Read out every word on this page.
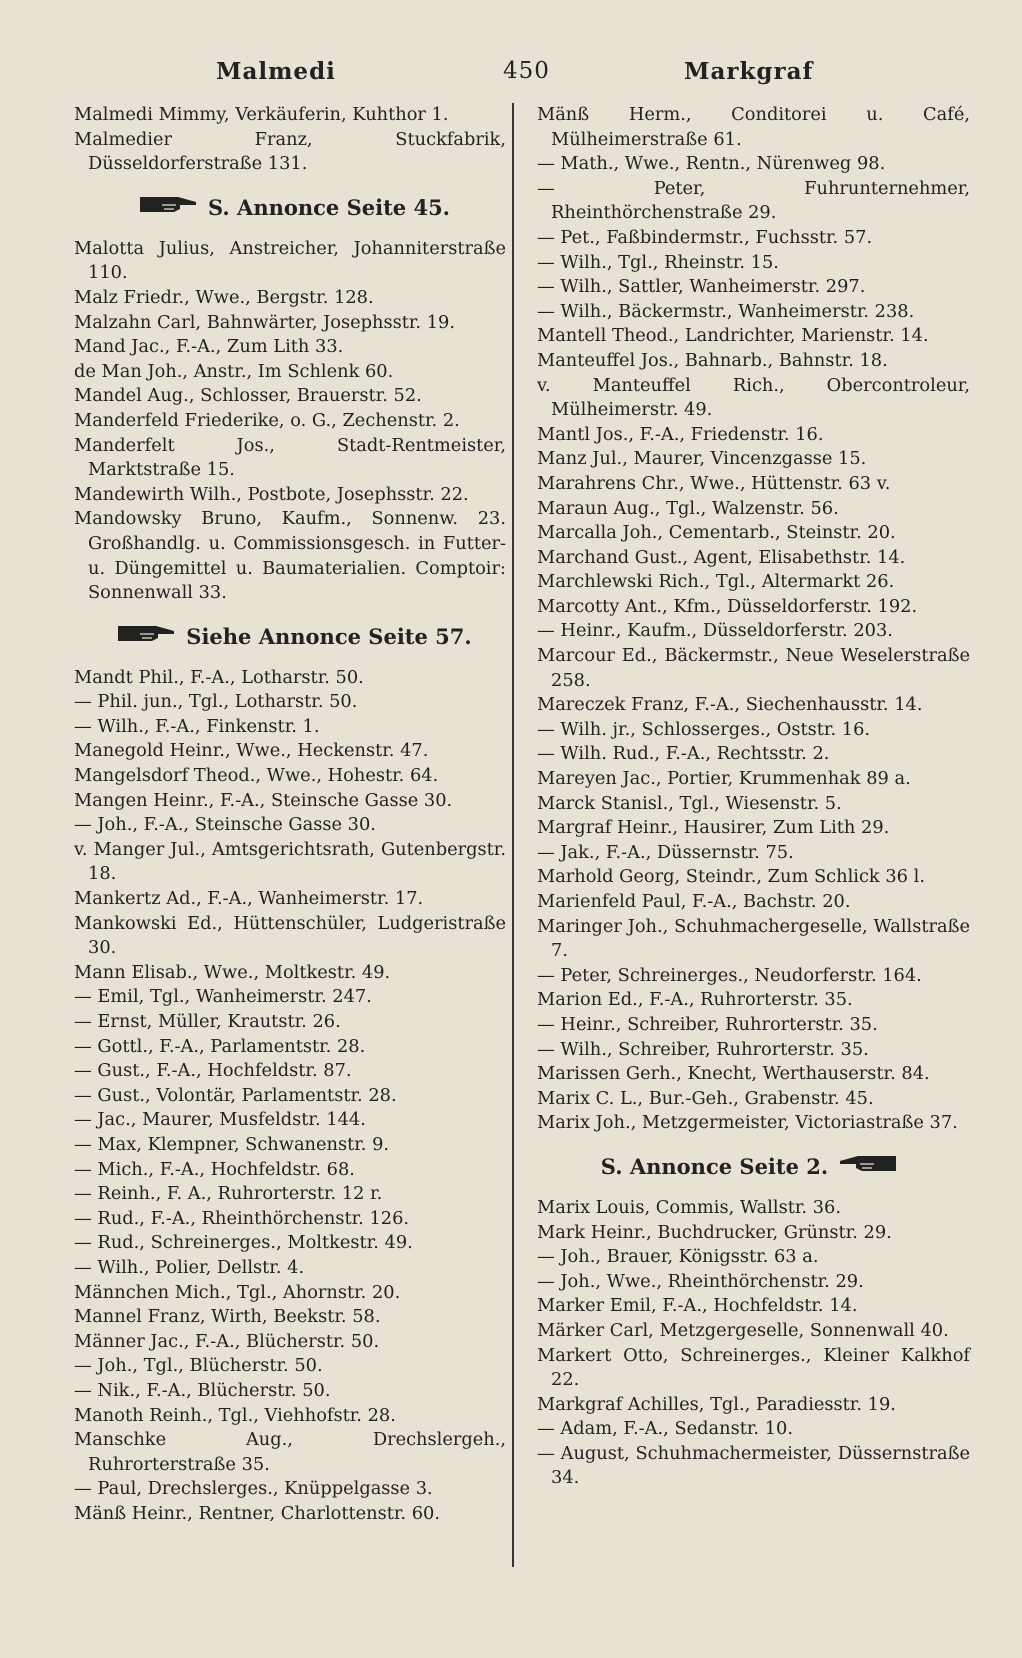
Malmedi	450	Markgraf
Malmedi Mimmy, Verkäuferin, Kuhthor 1.
Malmedier Franz, Stuckfabrik, Düsseldorferstraße 131.
S. Annonce Seite 45.
Malotta Julius, Anstreicher, Johanniterstraße 110.
Malz Friedr., Wwe., Bergstr. 128.
Malzahn Carl, Bahnwärter, Josephsstr. 19.
Mand Jac., F.-A., Zum Lith 33.
de Man Joh., Anstr., Im Schlenk 60.
Mandel Aug., Schlosser, Brauerstr. 52.
Manderfeld Friederike, o. G., Zechenstr. 2.
Manderfelt Jos., Stadt-Rentmeister, Marktstraße 15.
Mandewirth Wilh., Postbote, Josephsstr. 22.
Mandowsky Bruno, Kaufm., Sonnenw. 23. Großhandlg. u. Commissionsgesch. in Futter- u. Düngemittel u. Baumaterialien. Comptoir: Sonnenwall 33.
Siehe Annonce Seite 57.
Mandt Phil., F.-A., Lotharstr. 50.
— Phil. jun., Tgl., Lotharstr. 50.
— Wilh., F.-A., Finkenstr. 1.
Manegold Heinr., Wwe., Heckenstr. 47.
Mangelsdorf Theod., Wwe., Hohestr. 64.
Mangen Heinr., F.-A., Steinsche Gasse 30.
— Joh., F.-A., Steinsche Gasse 30.
v. Manger Jul., Amtsgerichtsrath, Gutenbergstr. 18.
Mankertz Ad., F.-A., Wanheimerstr. 17.
Mankowski Ed., Hüttenschüler, Ludgeristraße 30.
Mann Elisab., Wwe., Moltkestr. 49.
— Emil, Tgl., Wanheimerstr. 247.
— Ernst, Müller, Krautstr. 26.
— Gottl., F.-A., Parlamentstr. 28.
— Gust., F.-A., Hochfeldstr. 87.
— Gust., Volontär, Parlamentstr. 28.
— Jac., Maurer, Musfeldstr. 144.
— Max, Klempner, Schwanenstr. 9.
— Mich., F.-A., Hochfeldstr. 68.
— Reinh., F. A., Ruhrorterstr. 12 r.
— Rud., F.-A., Rheinthörchenstr. 126.
— Rud., Schreinerges., Moltkestr. 49.
— Wilh., Polier, Dellstr. 4.
Männchen Mich., Tgl., Ahornstr. 20.
Mannel Franz, Wirth, Beekstr. 58.
Männer Jac., F.-A., Blücherstr. 50.
— Joh., Tgl., Blücherstr. 50.
— Nik., F.-A., Blücherstr. 50.
Manoth Reinh., Tgl., Viehhofstr. 28.
Manschke Aug., Drechslergeh., Ruhrorterstraße 35.
— Paul, Drechslerges., Knüppelgasse 3.
Mänß Heinr., Rentner, Charlottenstr. 60.
Mänß Herm., Conditorei u. Café, Mülheimerstraße 61.
— Math., Wwe., Rentn., Nürenweg 98.
— Peter, Fuhrunternehmer, Rheinthörchenstraße 29.
— Pet., Faßbindermstr., Fuchsstr. 57.
— Wilh., Tgl., Rheinstr. 15.
— Wilh., Sattler, Wanheimerstr. 297.
— Wilh., Bäckermstr., Wanheimerstr. 238.
Mantell Theod., Landrichter, Marienstr. 14.
Manteuffel Jos., Bahnarb., Bahnstr. 18.
v. Manteuffel Rich., Obercontroleur, Mülheimerstr. 49.
Mantl Jos., F.-A., Friedenstr. 16.
Manz Jul., Maurer, Vincenzgasse 15.
Marahrens Chr., Wwe., Hüttenstr. 63 v.
Maraun Aug., Tgl., Walzenstr. 56.
Marcalla Joh., Cementarb., Steinstr. 20.
Marchand Gust., Agent, Elisabethstr. 14.
Marchlewski Rich., Tgl., Altermarkt 26.
Marcotty Ant., Kfm., Düsseldorferstr. 192.
— Heinr., Kaufm., Düsseldorferstr. 203.
Marcour Ed., Bäckermstr., Neue Weselerstraße 258.
Mareczek Franz, F.-A., Siechenhausstr. 14.
— Wilh. jr., Schlosserges., Oststr. 16.
— Wilh. Rud., F.-A., Rechtsstr. 2.
Mareyen Jac., Portier, Krummenhak 89 a.
Marck Stanisl., Tgl., Wiesenstr. 5.
Margraf Heinr., Hausirer, Zum Lith 29.
— Jak., F.-A., Düssernstr. 75.
Marhold Georg, Steindr., Zum Schlick 36 l.
Marienfeld Paul, F.-A., Bachstr. 20.
Maringer Joh., Schuhmachergeselle, Wallstraße 7.
— Peter, Schreinerges., Neudorferstr. 164.
Marion Ed., F.-A., Ruhrorterstr. 35.
— Heinr., Schreiber, Ruhrorterstr. 35.
— Wilh., Schreiber, Ruhrorterstr. 35.
Marissen Gerh., Knecht, Werthauserstr. 84.
Marix C. L., Bur.-Geh., Grabenstr. 45.
Marix Joh., Metzgermeister, Victoriastraße 37.
S. Annonce Seite 2.
Marix Louis, Commis, Wallstr. 36.
Mark Heinr., Buchdrucker, Grünstr. 29.
— Joh., Brauer, Königsstr. 63 a.
— Joh., Wwe., Rheinthörchenstr. 29.
Marker Emil, F.-A., Hochfeldstr. 14.
Märker Carl, Metzgergeselle, Sonnenwall 40.
Markert Otto, Schreinerges., Kleiner Kalkhof 22.
Markgraf Achilles, Tgl., Paradiesstr. 19.
— Adam, F.-A., Sedanstr. 10.
— August, Schuhmachermeister, Düssernstraße 34.
